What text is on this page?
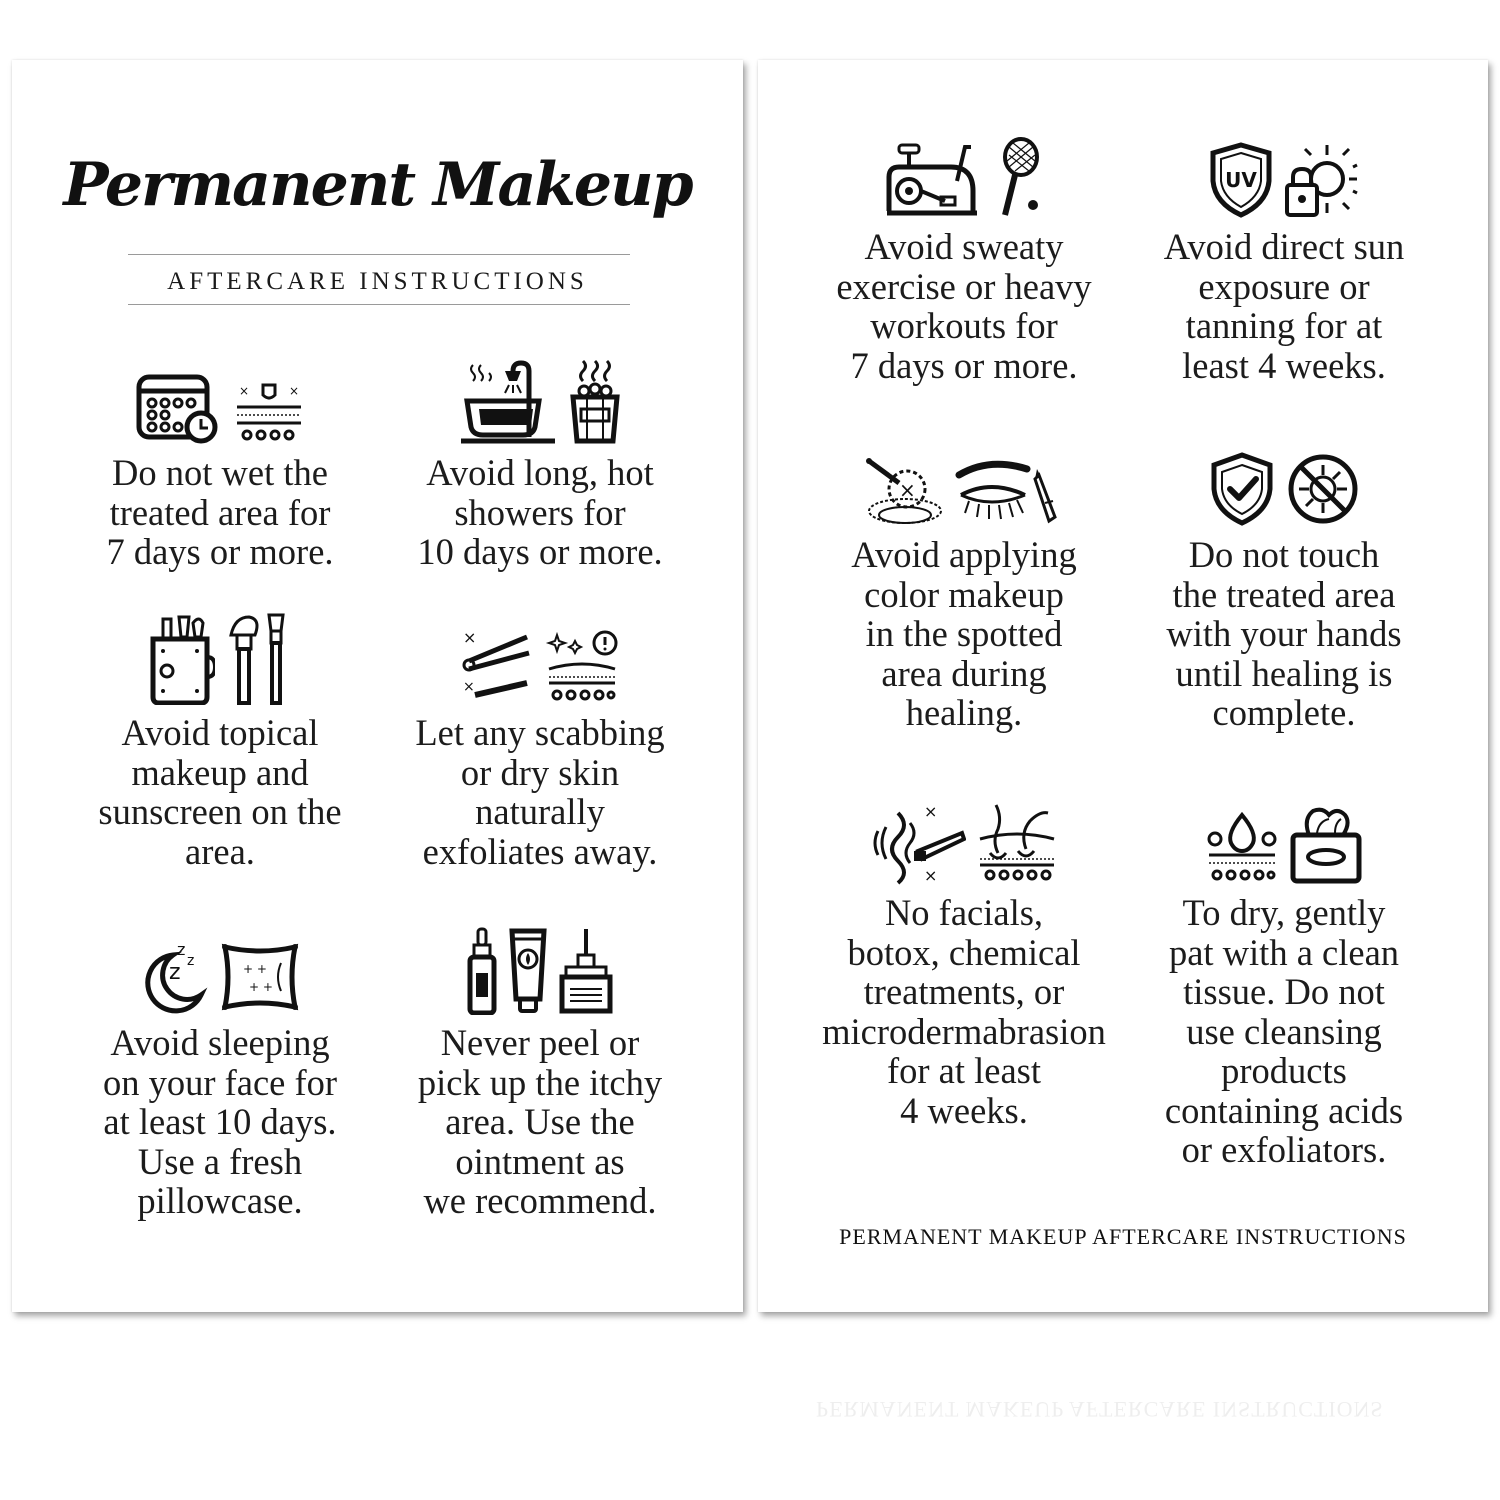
Permanent Makeup
AFTERCARE INSTRUCTIONS
×	×
Do not wet the
treated area for
7 days or more.
Avoid long, hot
showers for
10 days or more.
Avoid topical
makeup and
sunscreen on the
area.
×
×
Let any scabbing
or dry skin
naturally
exfoliates away.
z
z
z	+ +
+ +
Avoid sleeping
on your face for
at least 10 days.
Use a fresh
pillowcase.
Never peel or
pick up the itchy
area. Use the
ointment as
we recommend.
Avoid sweaty
exercise or heavy
workouts for
7 days or more.
UV
Avoid direct sun
exposure or
tanning for at
least 4 weeks.
×
Avoid applying
color makeup
in the spotted
area during
healing.
Do not touch
the treated area
with your hands
until healing is
complete.
×
×
No facials,
botox, chemical
treatments, or
microdermabrasion
for at least
4 weeks.
To dry, gently
pat with a clean
tissue. Do not
use cleansing
products
containing acids
or exfoliators.
PERMANENT MAKEUP AFTERCARE INSTRUCTIONS
PERMANENT MAKEUP AFTERCARE INSTRUCTIONS
